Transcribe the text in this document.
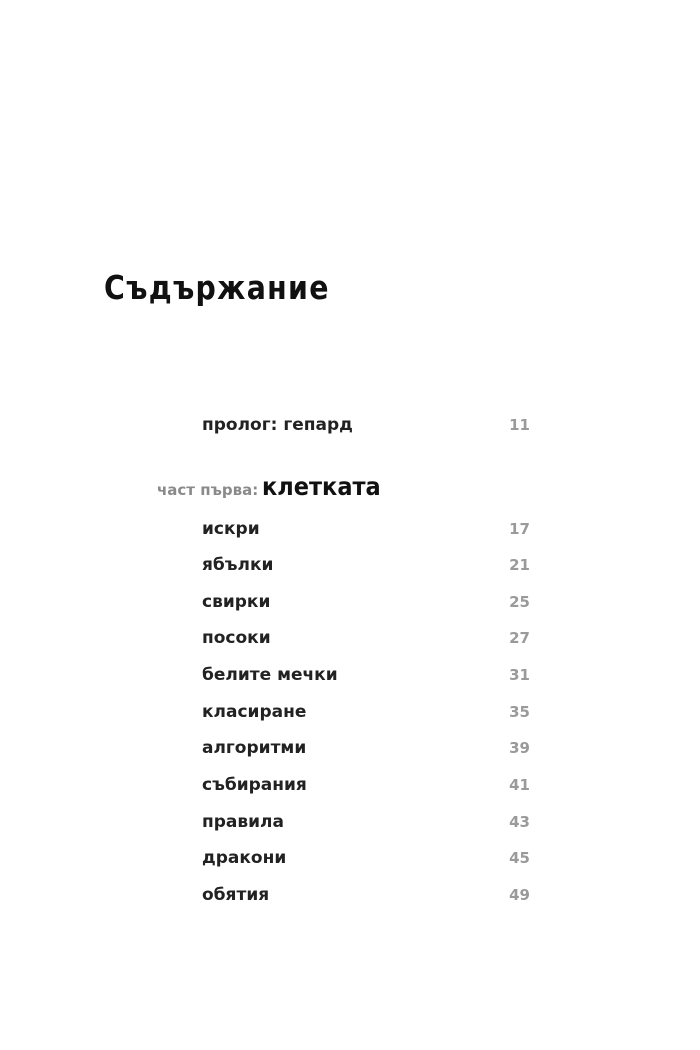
Съдържание
пролог: гепард	11
част първа: клетката
искри	17
ябълки	21
свирки	25
посоки	27
белите мечки	31
класиране	35
алгоритми	39
събирания	41
правила	43
дракони	45
обятия	49
